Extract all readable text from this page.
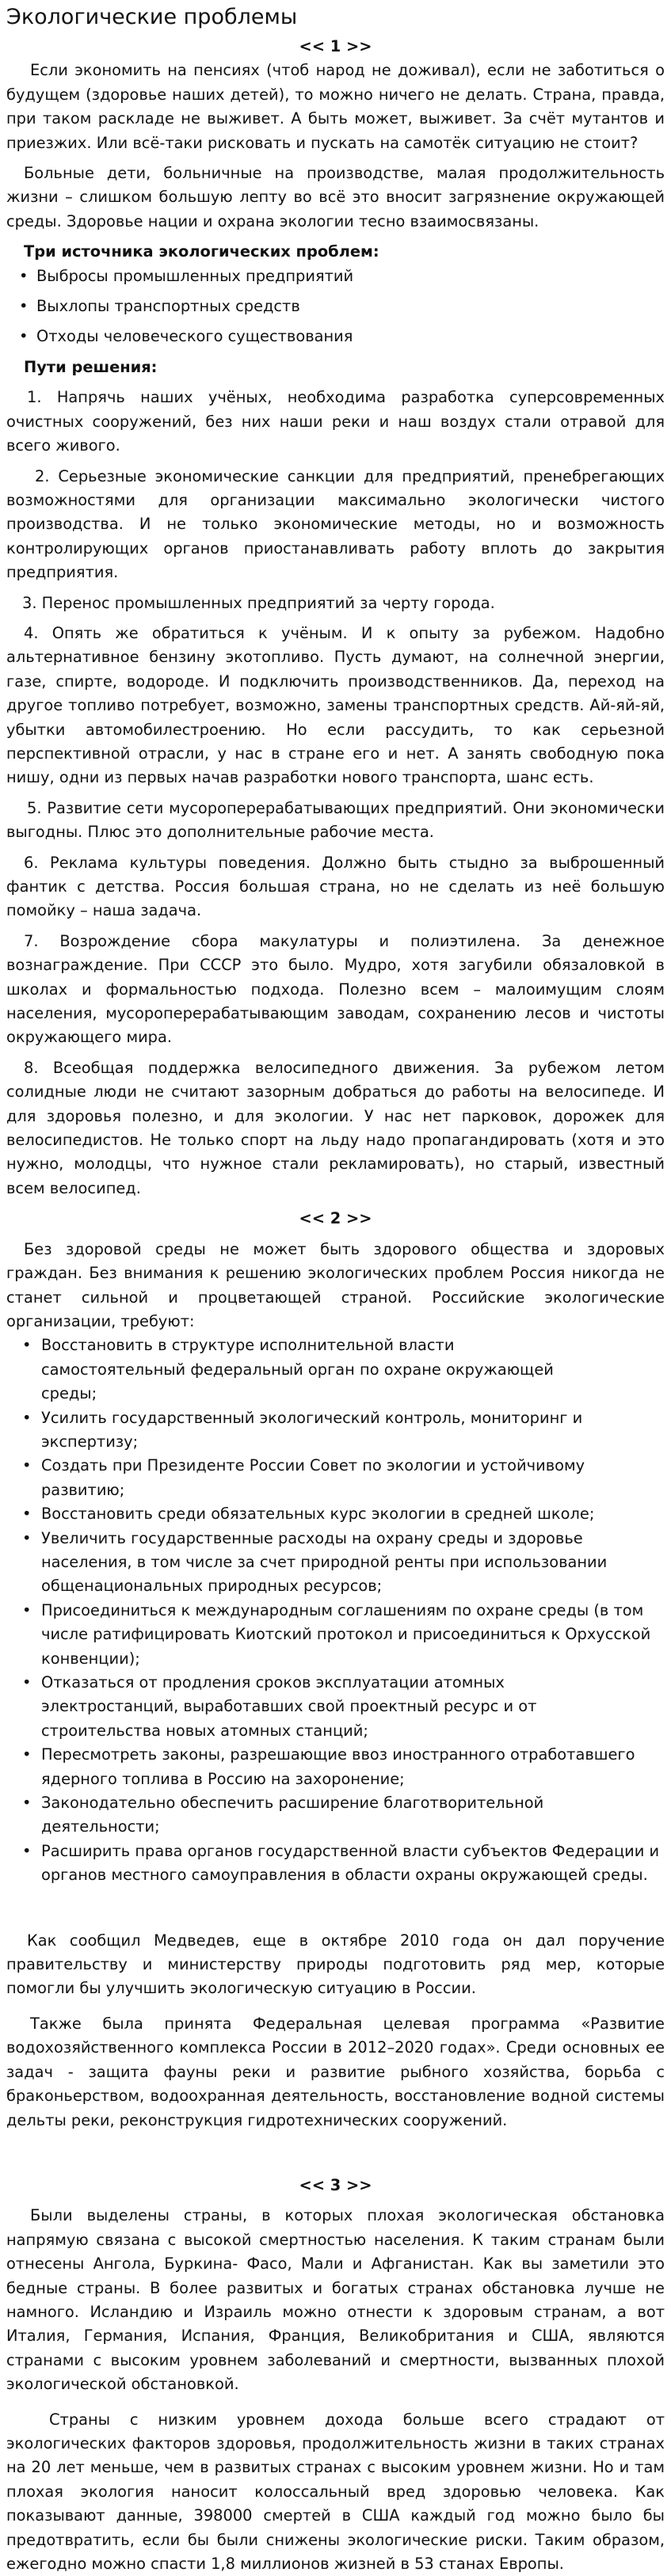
Экологические проблемы

<< 1 >>

Если экономить на пенсиях (чтоб народ не доживал), если не заботиться о будущем (здоровье наших детей), то можно ничего не делать. Страна, правда, при таком раскладе не выживет. А быть может, выживет. За счёт мутантов и приезжих. Или всё-таки рисковать и пускать на самотёк ситуацию не стоит?

Больные дети, больничные на производстве, малая продолжительность жизни – слишком большую лепту во всё это вносит загрязнение окружающей среды. Здоровье нации и охрана экологии тесно взаимосвязаны.

Три источника экологических проблем:

• Выбросы промышленных предприятий
• Выхлопы транспортных средств
• Отходы человеческого существования

Пути решения:

1. Напрячь наших учёных, необходима разработка суперсовременных очистных сооружений, без них наши реки и наш воздух стали отравой для всего живого.

2. Серьезные экономические санкции для предприятий, пренебрегающих возможностями для организации максимально экологически чистого производства. И не только экономические методы, но и возможность контролирующих органов приостанавливать работу вплоть до закрытия предприятия.

3. Перенос промышленных предприятий за черту города.

4. Опять же обратиться к учёным. И к опыту за рубежом. Надобно альтернативное бензину экотопливо. Пусть думают, на солнечной энергии, газе, спирте, водороде. И подключить производственников. Да, переход на другое топливо потребует, возможно, замены транспортных средств. Ай-яй-яй, убытки автомобилестроению. Но если рассудить, то как серьезной перспективной отрасли, у нас в стране его и нет. А занять свободную пока нишу, одни из первых начав разработки нового транспорта, шанс есть.

5. Развитие сети мусороперерабатывающих предприятий. Они экономически выгодны. Плюс это дополнительные рабочие места.

6. Реклама культуры поведения. Должно быть стыдно за выброшенный фантик с детства. Россия большая страна, но не сделать из неё большую помойку – наша задача.

7. Возрождение сбора макулатуры и полиэтилена. За денежное вознаграждение. При СССР это было. Мудро, хотя загубили обязаловкой в школах и формальностью подхода. Полезно всем – малоимущим слоям населения, мусороперерабатывающим заводам, сохранению лесов и чистоты окружающего мира.

8. Всеобщая поддержка велосипедного движения. За рубежом летом солидные люди не считают зазорным добраться до работы на велосипеде. И для здоровья полезно, и для экологии. У нас нет парковок, дорожек для велосипедистов. Не только спорт на льду надо пропагандировать (хотя и это нужно, молодцы, что нужное стали рекламировать), но старый, известный всем велосипед.

<< 2 >>

Без здоровой среды не может быть здорового общества и здоровых граждан. Без внимания к решению экологических проблем Россия никогда не станет сильной и процветающей страной. Российские экологические организации, требуют:

• Восстановить в структуре исполнительной власти самостоятельный федеральный орган по охране окружающей среды;
• Усилить государственный экологический контроль, мониторинг и экспертизу;
• Создать при Президенте России Совет по экологии и устойчивому развитию;
• Восстановить среди обязательных курс экологии в средней школе;
• Увеличить государственные расходы на охрану среды и здоровье населения, в том числе за счет природной ренты при использовании общенациональных природных ресурсов;
• Присоединиться к международным соглашениям по охране среды (в том числе ратифицировать Киотский протокол и присоединиться к Орхусской конвенции);
• Отказаться от продления сроков эксплуатации атомных электростанций, выработавших свой проектный ресурс и от строительства новых атомных станций;
• Пересмотреть законы, разрешающие ввоз иностранного отработавшего ядерного топлива в Россию на захоронение;
• Законодательно обеспечить расширение благотворительной деятельности;
• Расширить права органов государственной власти субъектов Федерации и органов местного самоуправления в области охраны окружающей среды.

Как сообщил Медведев, еще в октябре 2010 года он дал поручение правительству и министерству природы подготовить ряд мер, которые помогли бы улучшить экологическую ситуацию в России.

Также была принята Федеральная целевая программа «Развитие водохозяйственного комплекса России в 2012–2020 годах». Среди основных ее задач - защита фауны реки и развитие рыбного хозяйства, борьба с браконьерством, водоохранная деятельность, восстановление водной системы дельты реки, реконструкция гидротехнических сооружений.

<< 3 >>

Были выделены страны, в которых плохая экологическая обстановка напрямую связана с высокой смертностью населения. К таким странам были отнесены Ангола, Буркина- Фасо, Мали и Афганистан. Как вы заметили это бедные страны. В более развитых и богатых странах обстановка лучше не намного. Исландию и Израиль можно отнести к здоровым странам, а вот Италия, Германия, Испания, Франция, Великобритания и США, являются странами с высоким уровнем заболеваний и смертности, вызванных плохой экологической обстановкой.

Страны с низким уровнем дохода больше всего страдают от экологических факторов здоровья, продолжительность жизни в таких странах на 20 лет меньше, чем в развитых странах с высоким уровнем жизни. Но и там плохая экология наносит колоссальный вред здоровью человека. Как показывают данные, 398000 смертей в США каждый год можно было бы предотвратить, если бы были снижены экологические риски. Таким образом, ежегодно можно спасти 1,8 миллионов жизней в 53 станах Европы.
